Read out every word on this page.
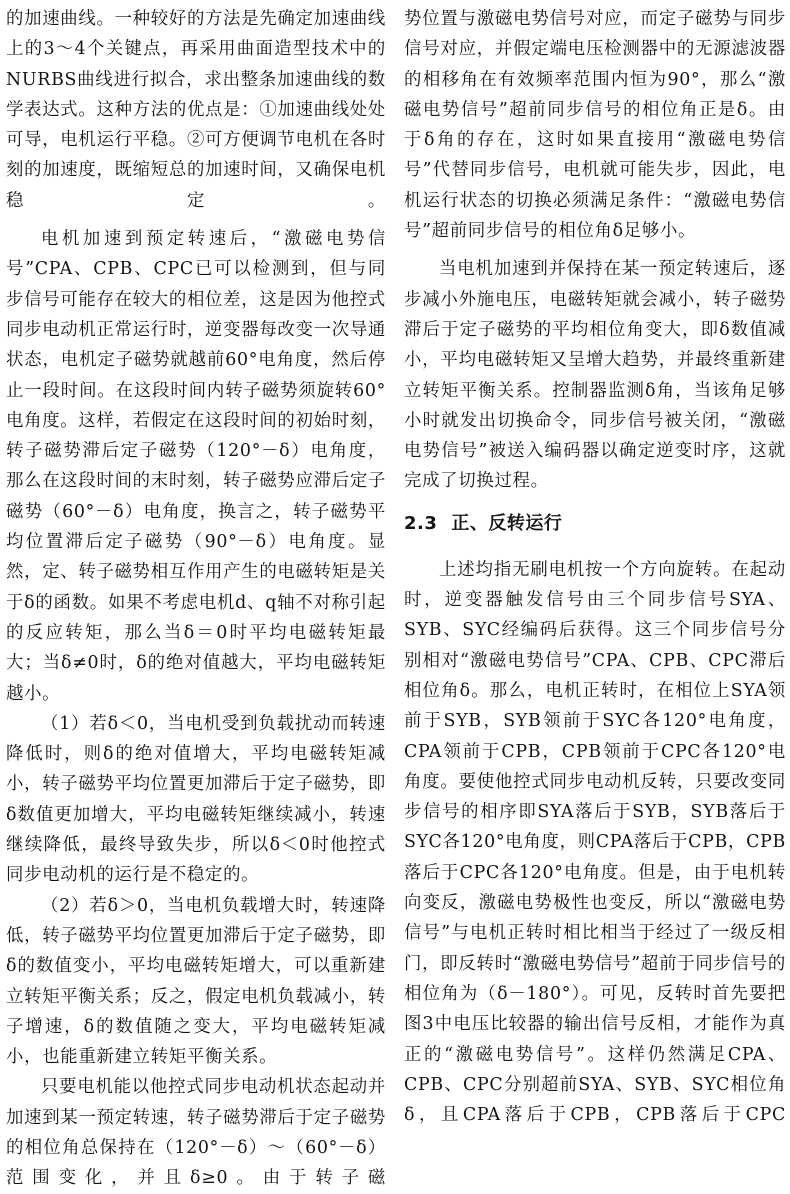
的加速曲线。一种较好的方法是先确定加速曲线上的3～4个关键点，再采用曲面造型技术中的NURBS曲线进行拟合，求出整条加速曲线的数学表达式。这种方法的优点是：①加速曲线处处可导，电机运行平稳。②可方便调节电机在各时刻的加速度，既缩短总的加速时间，又确保电机稳定。

电机加速到预定转速后，“激磁电势信号”CPA、CPB、CPC已可以检测到，但与同步信号可能存在较大的相位差，这是因为他控式同步电动机正常运行时，逆变器每改变一次导通状态，电机定子磁势就越前60°电角度，然后停止一段时间。在这段时间内转子磁势须旋转60°电角度。这样，若假定在这段时间的初始时刻，转子磁势滞后定子磁势（120°－δ）电角度，那么在这段时间的末时刻，转子磁势应滞后定子磁势（60°－δ）电角度，换言之，转子磁势平均位置滞后定子磁势（90°－δ）电角度。显然，定、转子磁势相互作用产生的电磁转矩是关于δ的函数。如果不考虑电机d、q轴不对称引起的反应转矩，那么当δ＝0时平均电磁转矩最大；当δ≠0时，δ的绝对值越大，平均电磁转矩越小。

（1）若δ＜0，当电机受到负载扰动而转速降低时，则δ的绝对值增大，平均电磁转矩减小，转子磁势平均位置更加滞后于定子磁势，即δ数值更加增大，平均电磁转矩继续减小，转速继续降低，最终导致失步，所以δ＜0时他控式同步电动机的运行是不稳定的。

（2）若δ＞0，当电机负载增大时，转速降低，转子磁势平均位置更加滞后于定子磁势，即δ的数值变小，平均电磁转矩增大，可以重新建立转矩平衡关系；反之，假定电机负载减小，转子增速，δ的数值随之变大，平均电磁转矩减小，也能重新建立转矩平衡关系。

只要电机能以他控式同步电动机状态起动并加速到某一预定转速，转子磁势滞后于定子磁势的相位角总保持在（120°－δ）～（60°－δ）范围变化，并且δ≥0。由于转子磁

势位置与激磁电势信号对应，而定子磁势与同步信号对应，并假定端电压检测器中的无源滤波器的相移角在有效频率范围内恒为90°，那么“激磁电势信号”超前同步信号的相位角正是δ。由于δ角的存在，这时如果直接用“激磁电势信号”代替同步信号，电机就可能失步，因此，电机运行状态的切换必须满足条件：“激磁电势信号”超前同步信号的相位角δ足够小。

当电机加速到并保持在某一预定转速后，逐步减小外施电压，电磁转矩就会减小，转子磁势滞后于定子磁势的平均相位角变大，即δ数值减小，平均电磁转矩又呈增大趋势，并最终重新建立转矩平衡关系。控制器监测δ角，当该角足够小时就发出切换命令，同步信号被关闭，“激磁电势信号”被送入编码器以确定逆变时序，这就完成了切换过程。

2.3 正、反转运行

上述均指无刷电机按一个方向旋转。在起动时，逆变器触发信号由三个同步信号SYA、SYB、SYC经编码后获得。这三个同步信号分别相对“激磁电势信号”CPA、CPB、CPC滞后相位角δ。那么，电机正转时，在相位上SYA领前于SYB，SYB领前于SYC各120°电角度，CPA领前于CPB，CPB领前于CPC各120°电角度。要使他控式同步电动机反转，只要改变同步信号的相序即SYA落后于SYB，SYB落后于SYC各120°电角度，则CPA落后于CPB，CPB落后于CPC各120°电角度。但是，由于电机转向变反，激磁电势极性也变反，所以“激磁电势信号”与电机正转时相比相当于经过了一级反相门，即反转时“激磁电势信号”超前于同步信号的相位角为（δ－180°）。可见，反转时首先要把图3中电压比较器的输出信号反相，才能作为真正的“激磁电势信号”。这样仍然满足CPA、CPB、CPC分别超前SYA、SYB、SYC相位角δ，且CPA落后于CPB，CPB落后于CPC
